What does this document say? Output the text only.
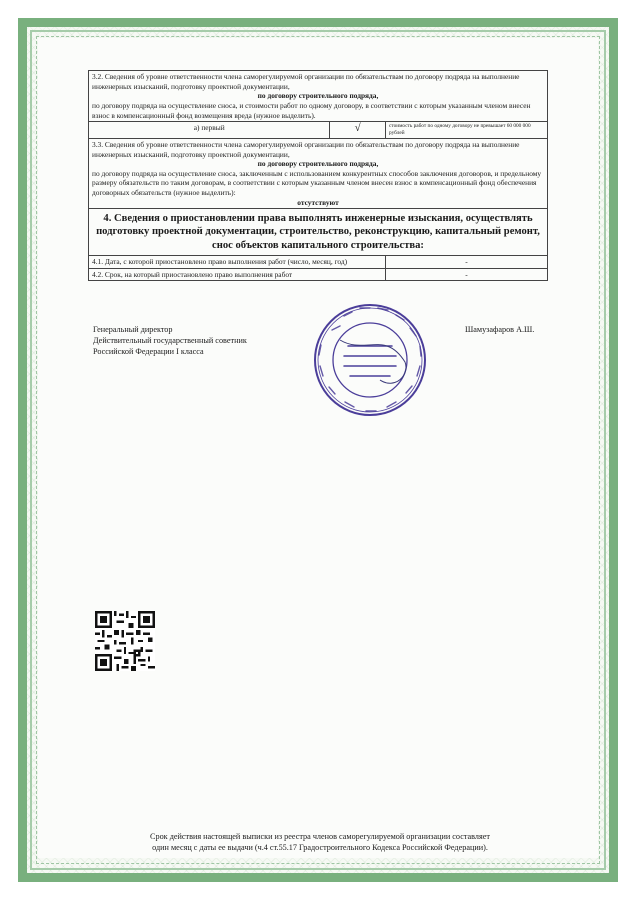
3.2. Сведения об уровне ответственности члена саморегулируемой организации по обязательствам по договору подряда на выполнение инженерных изысканий, подготовку проектной документации,
по договору строительного подряда,
по договору подряда на осуществление сноса, и стоимости работ по одному договору, в соответствии с которым указанным членом внесен взнос в компенсационный фонд возмещения вреда (нужное выделить).		
а) первый	√	стоимость работ по одному договору не превышает 60 000 000 рублей
3.3. Сведения об уровне ответственности члена саморегулируемой организации по обязательствам по договору подряда на выполнение инженерных изысканий, подготовку проектной документации,
по договору строительного подряда,
по договору подряда на осуществление сноса, заключенным с использованием конкурентных способов заключения договоров, и предельному размеру обязательств по таким договорам, в соответствии с которым указанным членом внесен взнос в компенсационный фонд обеспечения договорных обязательств (нужное выделить):
отсутствуют		

4. Сведения о приостановлении права выполнять инженерные изыскания, осуществлять подготовку проектной документации, строительство, реконструкцию, капитальный ремонт, снос объектов капитального строительства:		
4.1. Дата, с которой приостановлено право выполнения работ (число, месяц, год)		-
4.2. Срок, на который приостановлено право выполнения работ		-
Генеральный директор
Действительный государственный советник
Российской Федерации I класса
Шамузафаров А.Ш.
Срок действия настоящей выписки из реестра членов саморегулируемой организации составляет
один месяц с даты ее выдачи (ч.4 ст.55.17 Градостроительного Кодекса Российской Федерации).
